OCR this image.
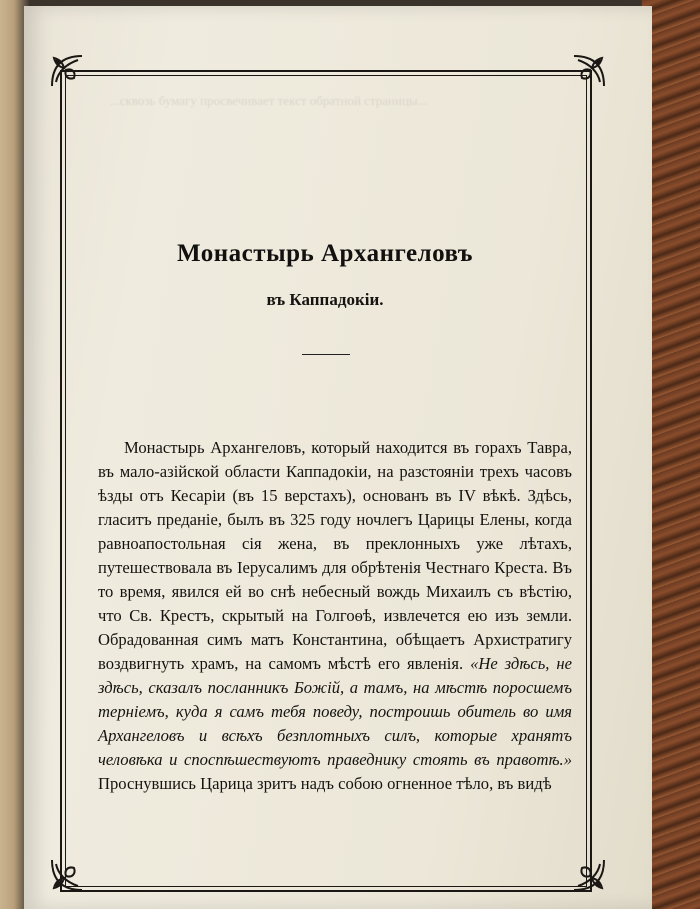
...сквозь бумагу просвечивает текст обратной страницы...
Монастырь Архангеловъ
въ Каппадокіи.

Монастырь Архангеловъ, который находится въ горахъ Тавра, въ мало-азійской области Каппадокіи, на разстояніи трехъ часовъ ѣзды отъ Кесаріи (въ 15 верстахъ), основанъ въ IV вѣкѣ. Здѣсь, гласитъ преданіе, былъ въ 325 году ночлегъ Царицы Елены, когда равноапостольная сія жена, въ преклонныхъ уже лѣтахъ, путешествовала въ Іерусалимъ для обрѣтенія Честнаго Креста. Въ то время, явился ей во снѣ небесный вождь Михаилъ съ вѣстію, что Св. Крестъ, скрытый на Голгоѳѣ, извлечется ею изъ земли. Обрадованная симъ матъ Константина, обѣщаетъ Архистратигу воздвигнуть храмъ, на самомъ мѣстѣ его явленія. «Не здѣсь, не здѣсь, сказалъ посланникъ Божій, а тамъ, на мѣстѣ поросшемъ терніемъ, куда я самъ тебя поведу, построишь обитель во имя Архангеловъ и всѣхъ безплотныхъ силъ, которые хранятъ человѣка и споспѣшествуютъ праведнику стоять въ правотѣ.» Проснувшись Царица зритъ надъ собою огненное тѣло, въ видѣ
